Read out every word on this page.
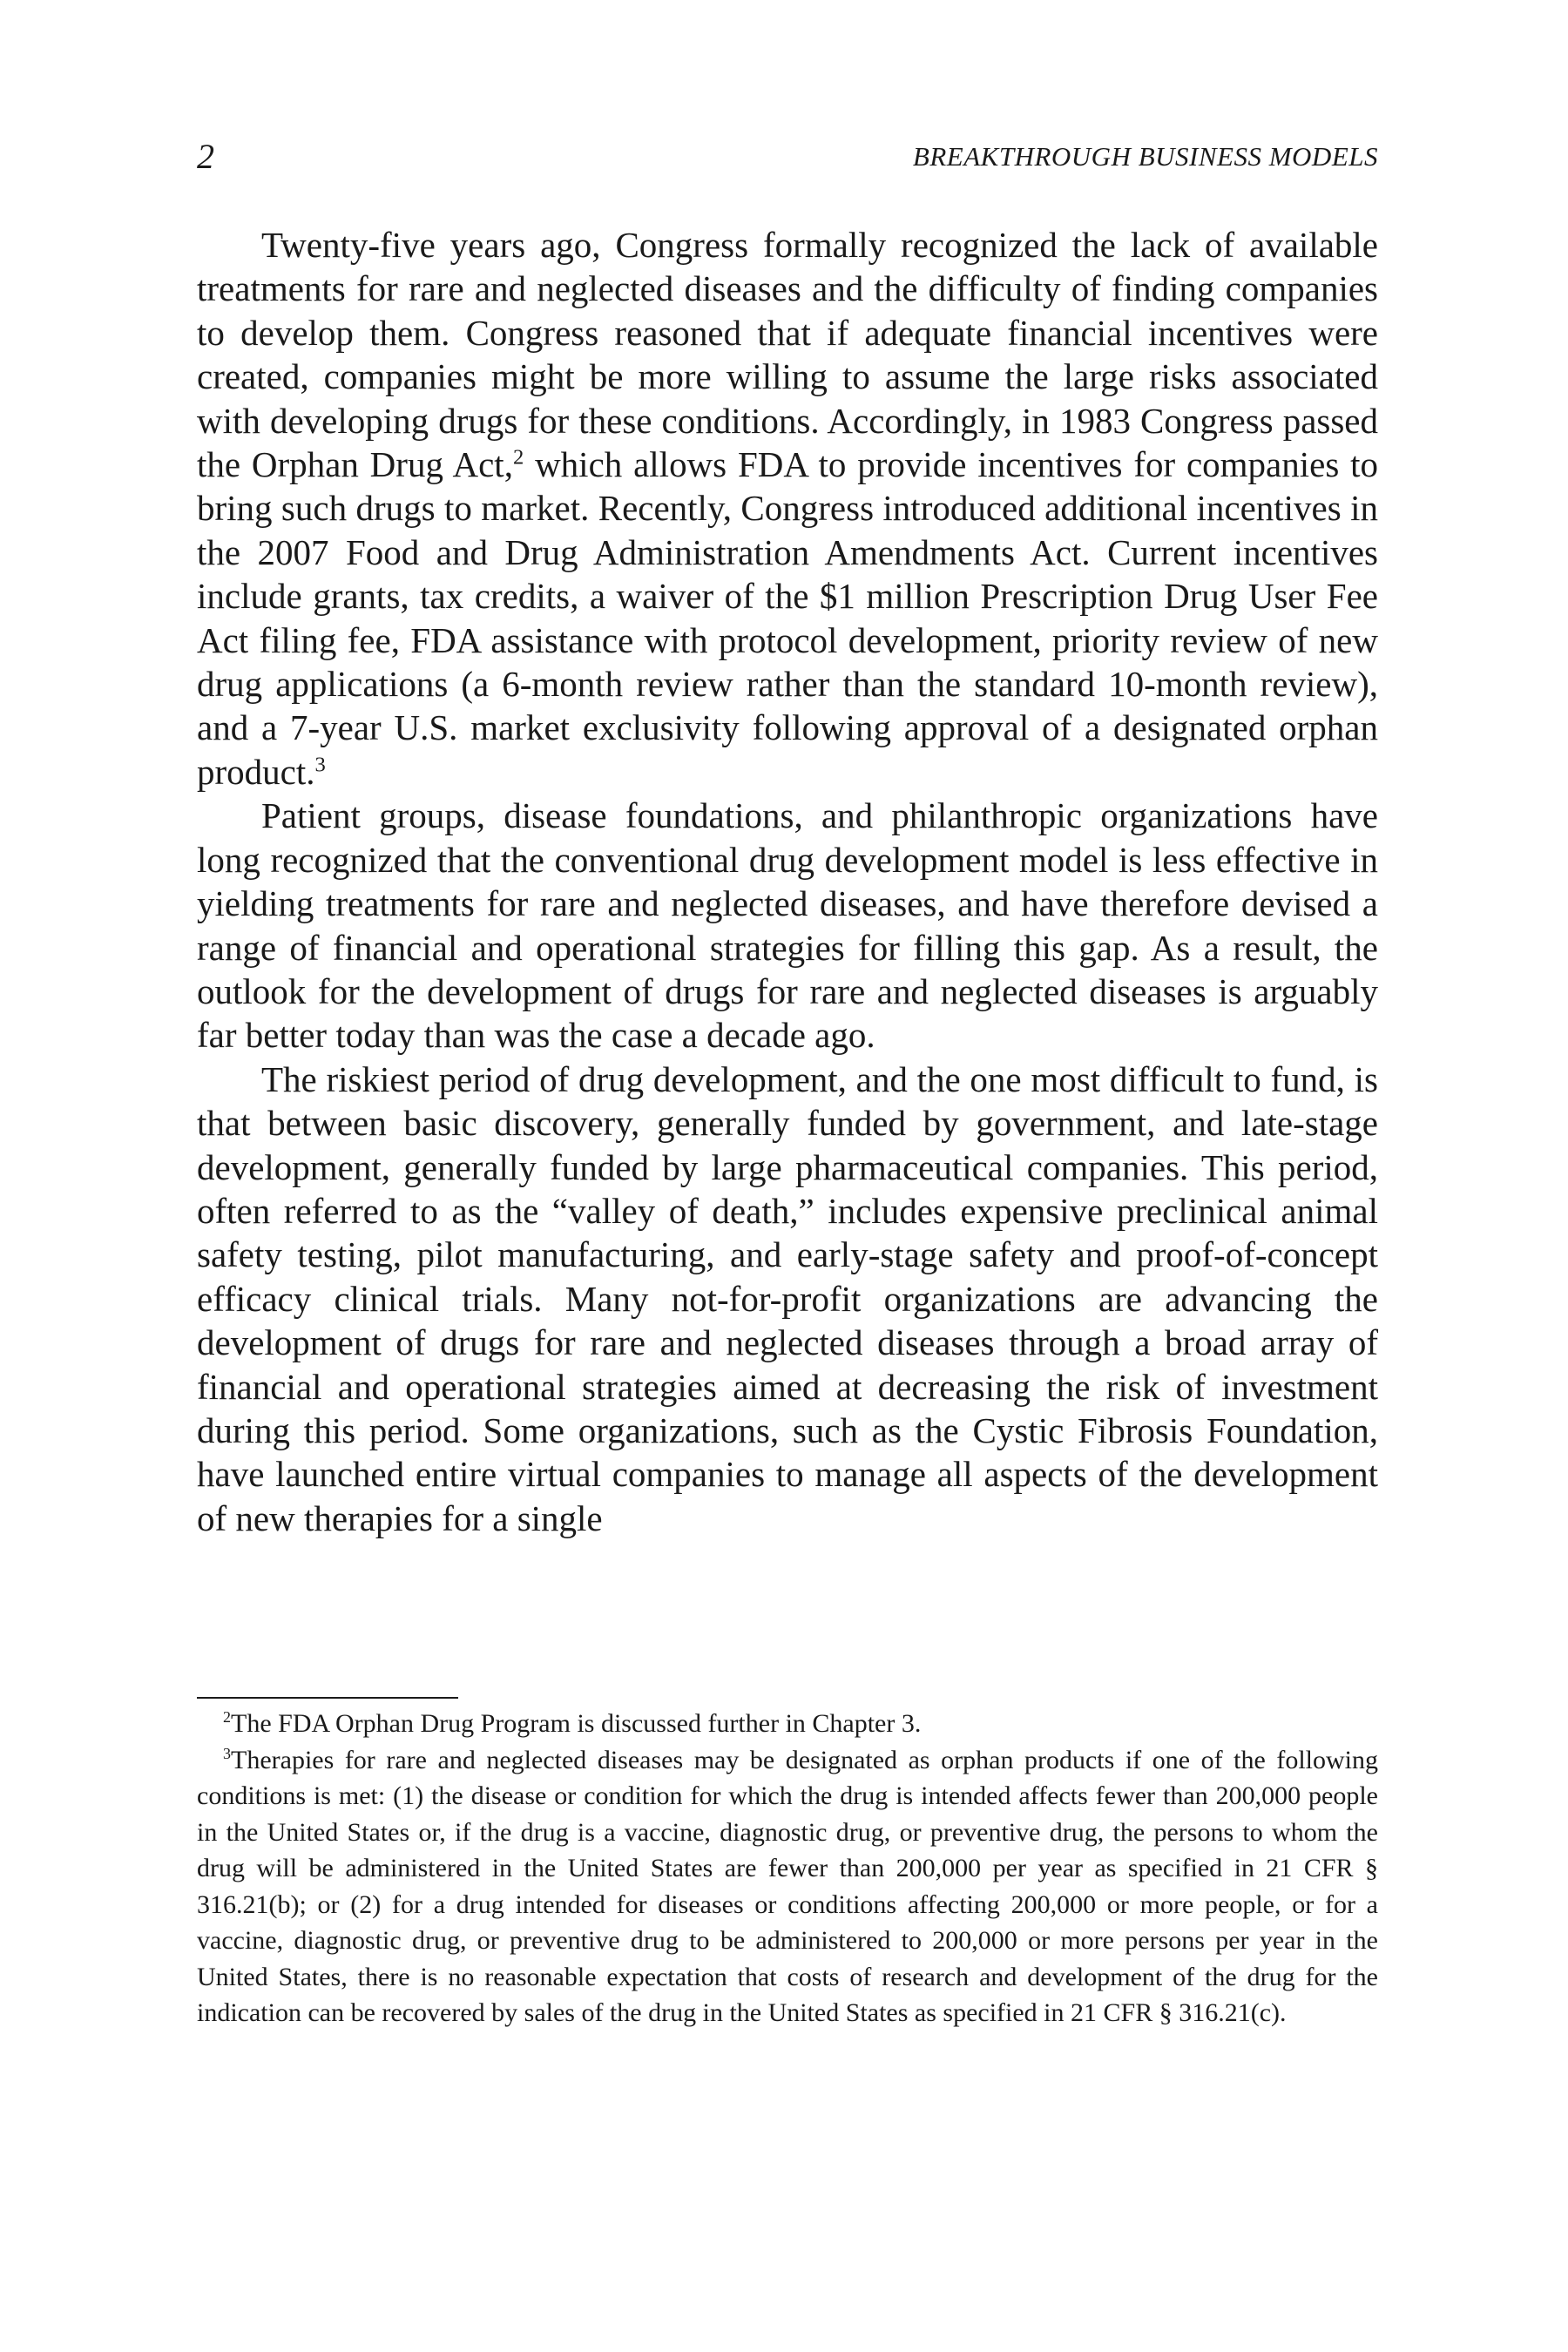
2	BREAKTHROUGH BUSINESS MODELS

Twenty-five years ago, Congress formally recognized the lack of available treatments for rare and neglected diseases and the difficulty of finding companies to develop them. Congress reasoned that if adequate financial incentives were created, companies might be more willing to assume the large risks associated with developing drugs for these conditions. Accordingly, in 1983 Congress passed the Orphan Drug Act,$^2$ which allows FDA to provide incentives for companies to bring such drugs to market. Recently, Congress introduced additional incentives in the 2007 Food and Drug Administration Amendments Act. Current incentives include grants, tax credits, a waiver of the $1 million Prescription Drug User Fee Act filing fee, FDA assistance with protocol development, priority review of new drug applications (a 6-month review rather than the standard 10-month review), and a 7-year U.S. market exclusivity following approval of a designated orphan product.$^3$

Patient groups, disease foundations, and philanthropic organizations have long recognized that the conventional drug development model is less effective in yielding treatments for rare and neglected diseases, and have therefore devised a range of financial and operational strategies for filling this gap. As a result, the outlook for the development of drugs for rare and neglected diseases is arguably far better today than was the case a decade ago.

The riskiest period of drug development, and the one most difficult to fund, is that between basic discovery, generally funded by government, and late-stage development, generally funded by large pharmaceutical companies. This period, often referred to as the “valley of death,” includes expensive preclinical animal safety testing, pilot manufacturing, and early-stage safety and proof-of-concept efficacy clinical trials. Many not-for-profit organizations are advancing the development of drugs for rare and neglected diseases through a broad array of financial and operational strategies aimed at decreasing the risk of investment during this period. Some organizations, such as the Cystic Fibrosis Foundation, have launched entire virtual companies to manage all aspects of the development of new therapies for a single

$^2$The FDA Orphan Drug Program is discussed further in Chapter 3.

$^3$Therapies for rare and neglected diseases may be designated as orphan products if one of the following conditions is met: (1) the disease or condition for which the drug is intended affects fewer than 200,000 people in the United States or, if the drug is a vaccine, diagnostic drug, or preventive drug, the persons to whom the drug will be administered in the United States are fewer than 200,000 per year as specified in 21 CFR § 316.21(b); or (2) for a drug intended for diseases or conditions affecting 200,000 or more people, or for a vaccine, diagnostic drug, or preventive drug to be administered to 200,000 or more persons per year in the United States, there is no reasonable expectation that costs of research and development of the drug for the indication can be recovered by sales of the drug in the United States as specified in 21 CFR § 316.21(c).
